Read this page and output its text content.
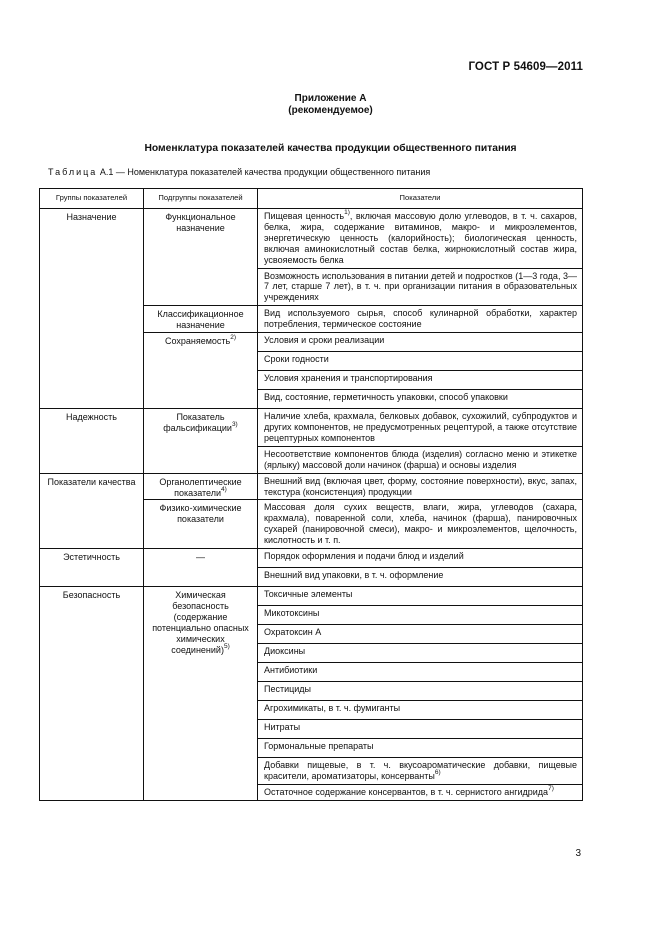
ГОСТ Р 54609—2011
Приложение А
(рекомендуемое)
Номенклатура показателей качества продукции общественного питания
Таблица А.1 — Номенклатура показателей качества продукции общественного питания
Группы показателей	Подгруппы показателей	Показатели
Назначение	Функциональное назначение	Пищевая ценность$^{1)}$, включая массовую долю углеводов, в т. ч. сахаров, белка, жира, содержание витаминов, макро- и микроэлементов, энергетическую ценность (калорийность); биологическая ценность, включая аминокислотный состав белка, жирнокислотный состав жира, усвояемость белка
		Возможность использования в питании детей и подростков (1—3 года, 3—7 лет, старше 7 лет), в т. ч. при организации питания в образовательных учреждениях
	Классификационное назначение	Вид используемого сырья, способ кулинарной обработки, характер потребления, термическое состояние
	Сохраняемость$^{2)}$	Условия и сроки реализации
		Сроки годности
		Условия хранения и транспортирования
		Вид, состояние, герметичность упаковки, способ упаковки
Надежность	Показатель фальсификации$^{3)}$	Наличие хлеба, крахмала, белковых добавок, сухожилий, субпродуктов и других компонентов, не предусмотренных рецептурой, а также отсутствие рецептурных компонентов
		Несоответствие компонентов блюда (изделия) согласно меню и этикетке (ярлыку) массовой доли начинок (фарша) и основы изделия
Показатели качества	Органолептические показатели$^{4)}$	Внешний вид (включая цвет, форму, состояние поверхности), вкус, запах, текстура (консистенция) продукции
	Физико-химические показатели	Массовая доля сухих веществ, влаги, жира, углеводов (сахара, крахмала), поваренной соли, хлеба, начинок (фарша), панировочных сухарей (панировочной смеси), макро- и микроэлементов, щелочность, кислотность и т. п.
Эстетичность	—	Порядок оформления и подачи блюд и изделий
		Внешний вид упаковки, в т. ч. оформление
Безопасность	Химическая безопасность (содержание потенциально опасных химических соединений)$^{5)}$	Токсичные элементы
		Микотоксины
		Охратоксин А
		Диоксины
		Антибиотики
		Пестициды
		Агрохимикаты, в т. ч. фумиганты
		Нитраты
		Гормональные препараты
		Добавки пищевые, в т. ч. вкусоароматические добавки, пищевые красители, ароматизаторы, консерванты$^{6)}$
		Остаточное содержание консервантов, в т. ч. сернистого ангидрида$^{7)}$
3
